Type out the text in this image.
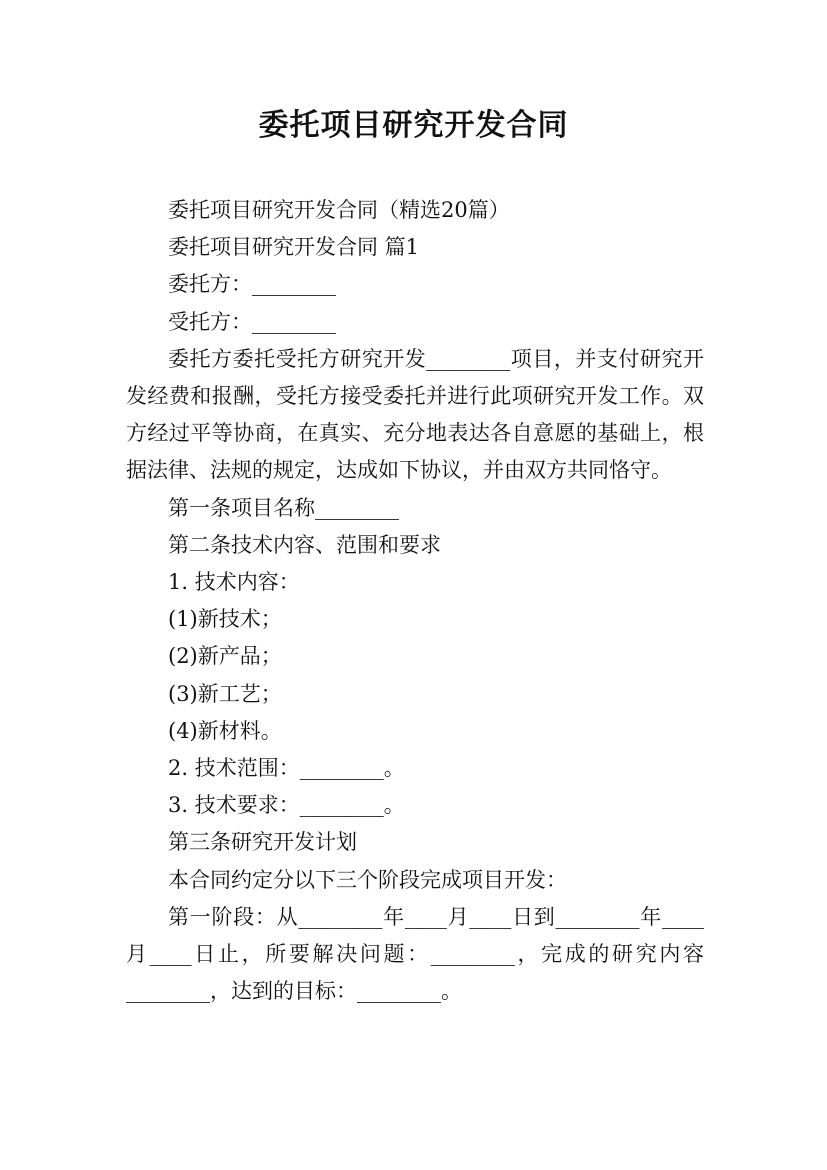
委托项目研究开发合同

委托项目研究开发合同（精选20篇）

委托项目研究开发合同 篇1

委托方：________

受托方：________

委托方委托受托方研究开发________项目，并支付研究开发经费和报酬，受托方接受委托并进行此项研究开发工作。双方经过平等协商，在真实、充分地表达各自意愿的基础上，根据法律、法规的规定，达成如下协议，并由双方共同恪守。

第一条项目名称________

第二条技术内容、范围和要求

1. 技术内容：

(1)新技术；

(2)新产品；

(3)新工艺；

(4)新材料。

2. 技术范围：________。

3. 技术要求：________。

第三条研究开发计划

本合同约定分以下三个阶段完成项目开发：

第一阶段：从________年____月____日到________年____月____日止，所要解决问题：________，完成的研究内容________，达到的目标：________。
